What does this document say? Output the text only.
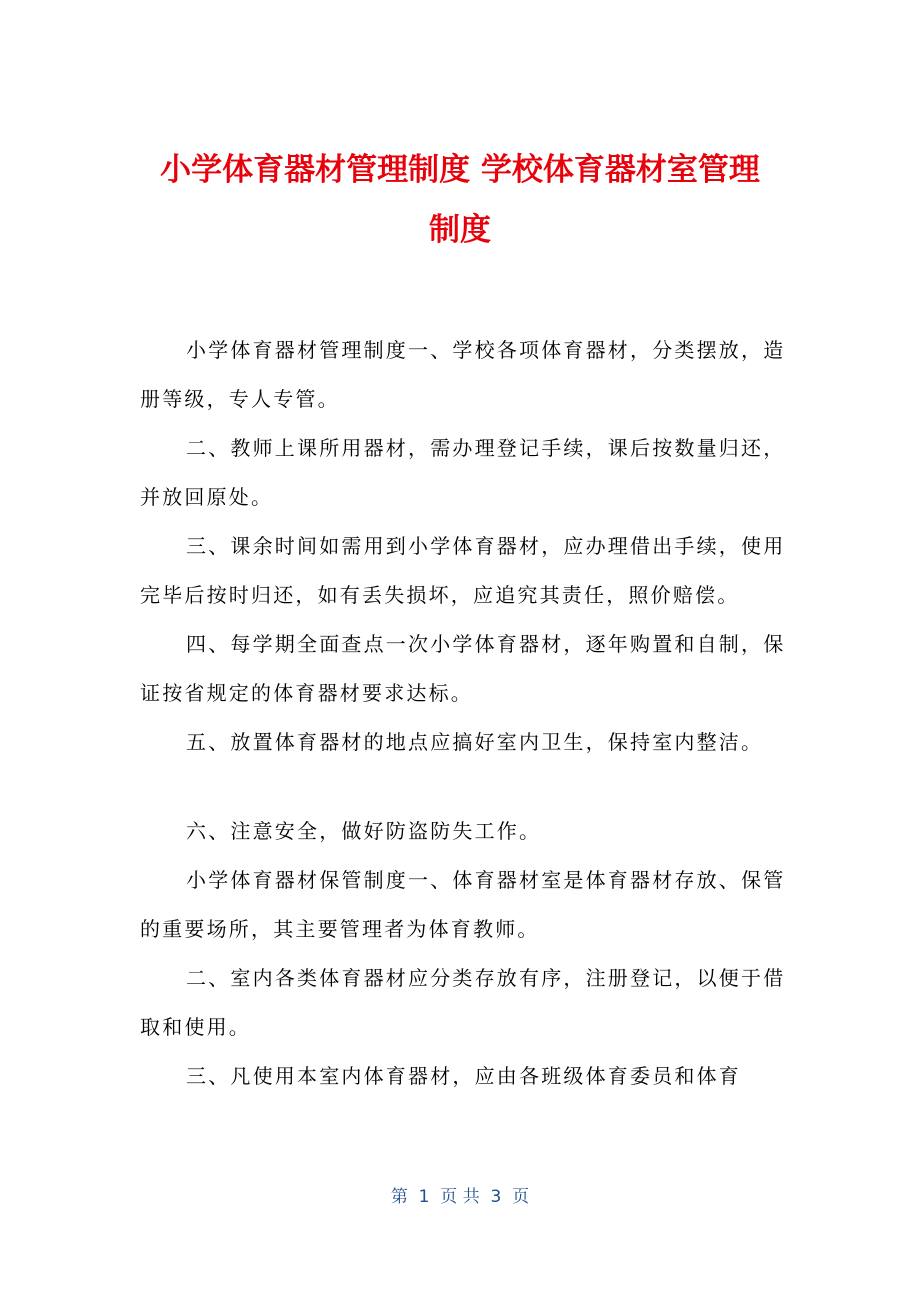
小学体育器材管理制度 学校体育器材室管理
制度

小学体育器材管理制度一、学校各项体育器材，分类摆放，造册等级，专人专管。

二、教师上课所用器材，需办理登记手续，课后按数量归还，并放回原处。

三、课余时间如需用到小学体育器材，应办理借出手续，使用完毕后按时归还，如有丢失损坏，应追究其责任，照价赔偿。

四、每学期全面查点一次小学体育器材，逐年购置和自制，保证按省规定的体育器材要求达标。

五、放置体育器材的地点应搞好室内卫生，保持室内整洁。

六、注意安全，做好防盗防失工作。

小学体育器材保管制度一、体育器材室是体育器材存放、保管的重要场所，其主要管理者为体育教师。

二、室内各类体育器材应分类存放有序，注册登记，以便于借取和使用。

三、凡使用本室内体育器材，应由各班级体育委员和体育

第  1  页 共  3  页
